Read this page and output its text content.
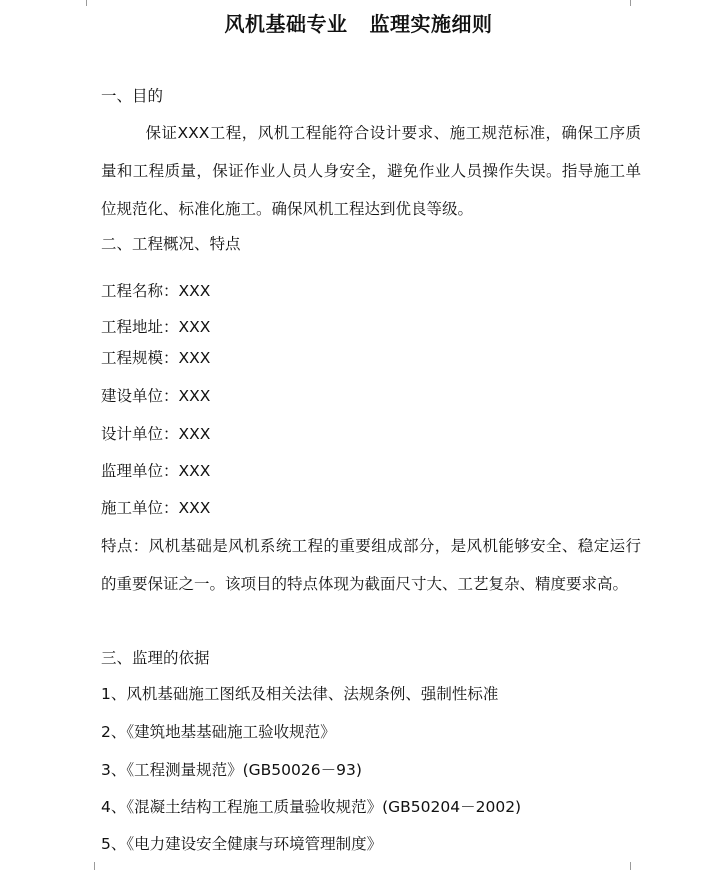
风机基础专业 监理实施细则
一、目的
保证XXX工程，风机工程能符合设计要求、施工规范标准，确保工序质量和工程质量，保证作业人员人身安全，避免作业人员操作失误。指导施工单位规范化、标准化施工。确保风机工程达到优良等级。
二、工程概况、特点
工程名称：XXX
工程地址：XXX
工程规模：XXX
建设单位：XXX
设计单位：XXX
监理单位：XXX
施工单位：XXX
特点：风机基础是风机系统工程的重要组成部分，是风机能够安全、稳定运行的重要保证之一。该项目的特点体现为截面尺寸大、工艺复杂、精度要求高。
三、监理的依据
1、风机基础施工图纸及相关法律、法规条例、强制性标准
2、《建筑地基基础施工验收规范》
3、《工程测量规范》(GB50026－93)
4、《混凝土结构工程施工质量验收规范》(GB50204－2002)
5、《电力建设安全健康与环境管理制度》
